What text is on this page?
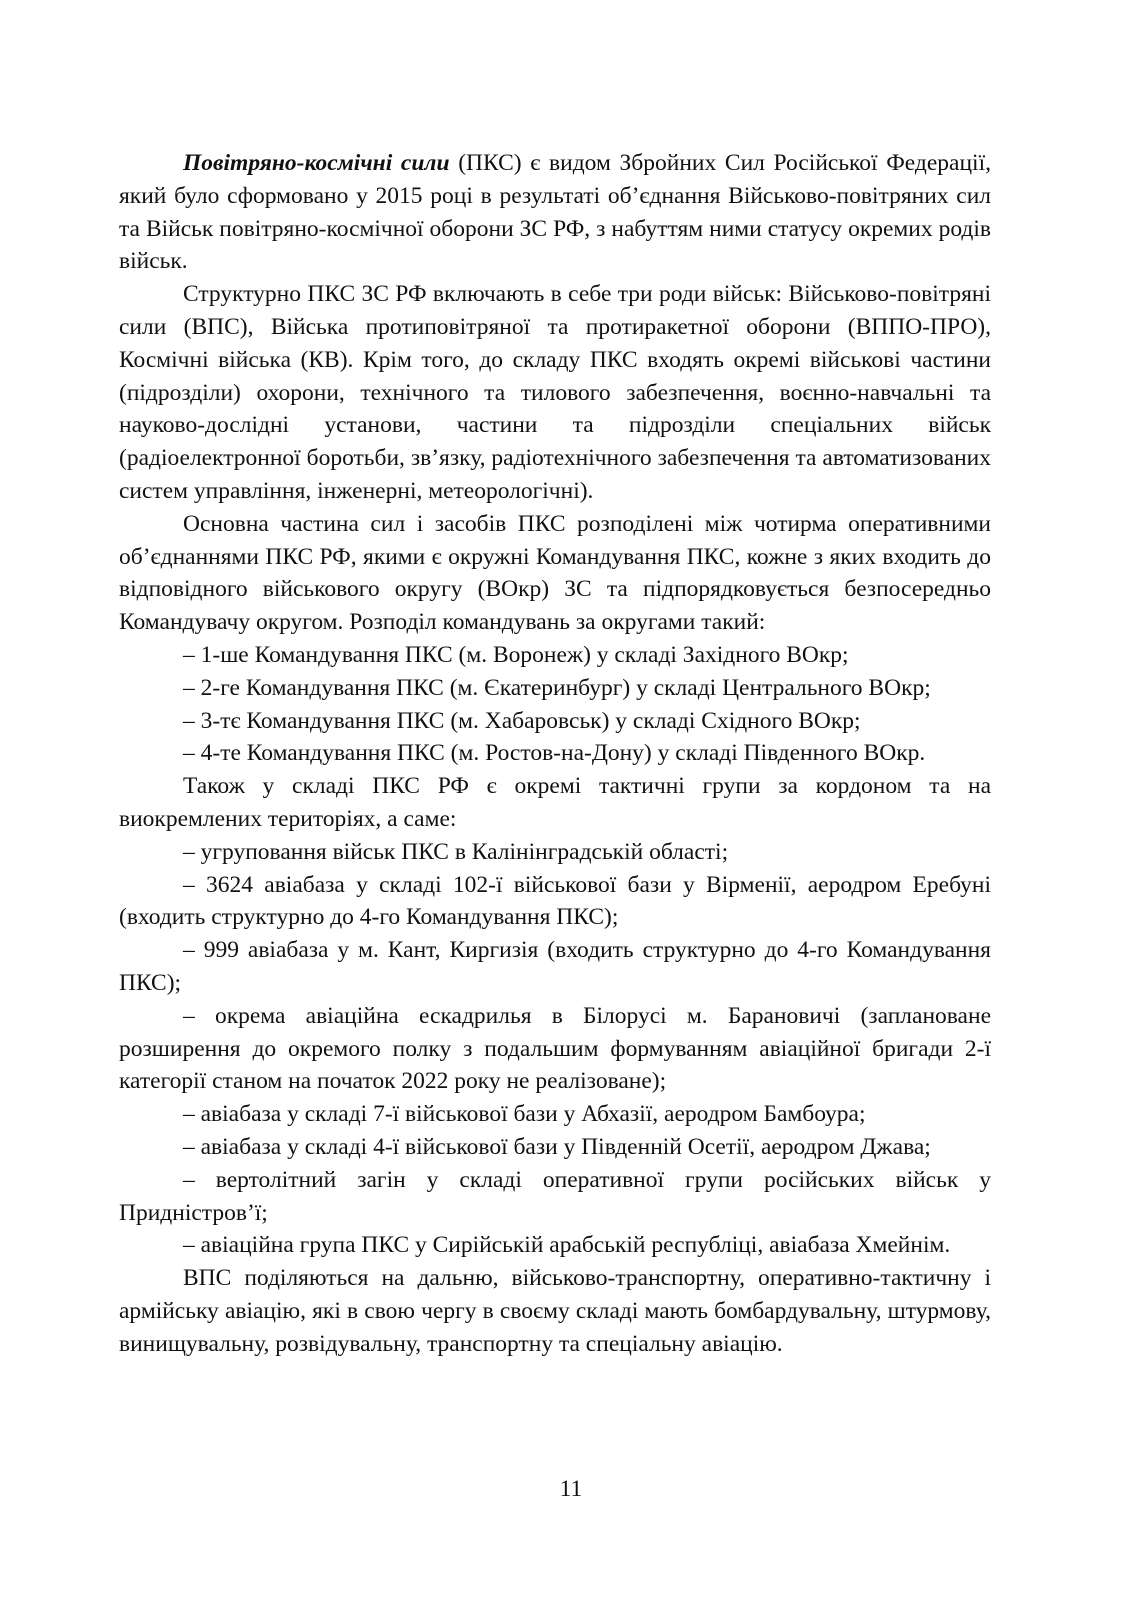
Повітряно-космічні сили (ПКС) є видом Збройних Сил Російської Федерації, який було сформовано у 2015 році в результаті об’єднання Військово-повітряних сил та Військ повітряно-космічної оборони ЗС РФ, з набуттям ними статусу окремих родів військ.

Структурно ПКС ЗС РФ включають в себе три роди військ: Військово-повітряні сили (ВПС), Війська протиповітряної та протиракетної оборони (ВППО-ПРО), Космічні війська (КВ). Крім того, до складу ПКС входять окремі військові частини (підрозділи) охорони, технічного та тилового забезпечення, воєнно-навчальні та науково-дослідні установи, частини та підрозділи спеціальних військ (радіоелектронної боротьби, зв’язку, радіотехнічного забезпечення та автоматизованих систем управління, інженерні, метеорологічні).

Основна частина сил і засобів ПКС розподілені між чотирма оперативними об’єднаннями ПКС РФ, якими є окружні Командування ПКС, кожне з яких входить до відповідного військового округу (ВОкр) ЗС та підпорядковується безпосередньо Командувачу округом. Розподіл командувань за округами такий:

– 1-ше Командування ПКС (м. Воронеж) у складі Західного ВОкр;

– 2-ге Командування ПКС (м. Єкатеринбург) у складі Центрального ВОкр;

– 3-тє Командування ПКС (м. Хабаровськ) у складі Східного ВОкр;

– 4-те Командування ПКС (м. Ростов-на-Дону) у складі Південного ВОкр.

Також у складі ПКС РФ є окремі тактичні групи за кордоном та на виокремлених територіях, а саме:

– угруповання військ ПКС в Калінінградській області;

– 3624 авіабаза у складі 102-ї військової бази у Вірменії, аеродром Еребуні (входить структурно до 4-го Командування ПКС);

– 999 авіабаза у м. Кант, Киргизія (входить структурно до 4-го Командування ПКС);

– окрема авіаційна ескадрилья в Білорусі м. Барановичі (заплановане розширення до окремого полку з подальшим формуванням авіаційної бригади 2-ї категорії станом на початок 2022 року не реалізоване);

– авіабаза у складі 7-ї військової бази у Абхазії, аеродром Бамбоура;

– авіабаза у складі 4-ї військової бази у Південній Осетії, аеродром Джава;

– вертолітний загін у складі оперативної групи російських військ у Придністров’ї;

– авіаційна група ПКС у Сирійській арабській республіці, авіабаза Хмейнім.

ВПС поділяються на дальню, військово-транспортну, оперативно-тактичну і армійську авіацію, які в свою чергу в своєму складі мають бомбардувальну, штурмову, винищувальну, розвідувальну, транспортну та спеціальну авіацію.

11
